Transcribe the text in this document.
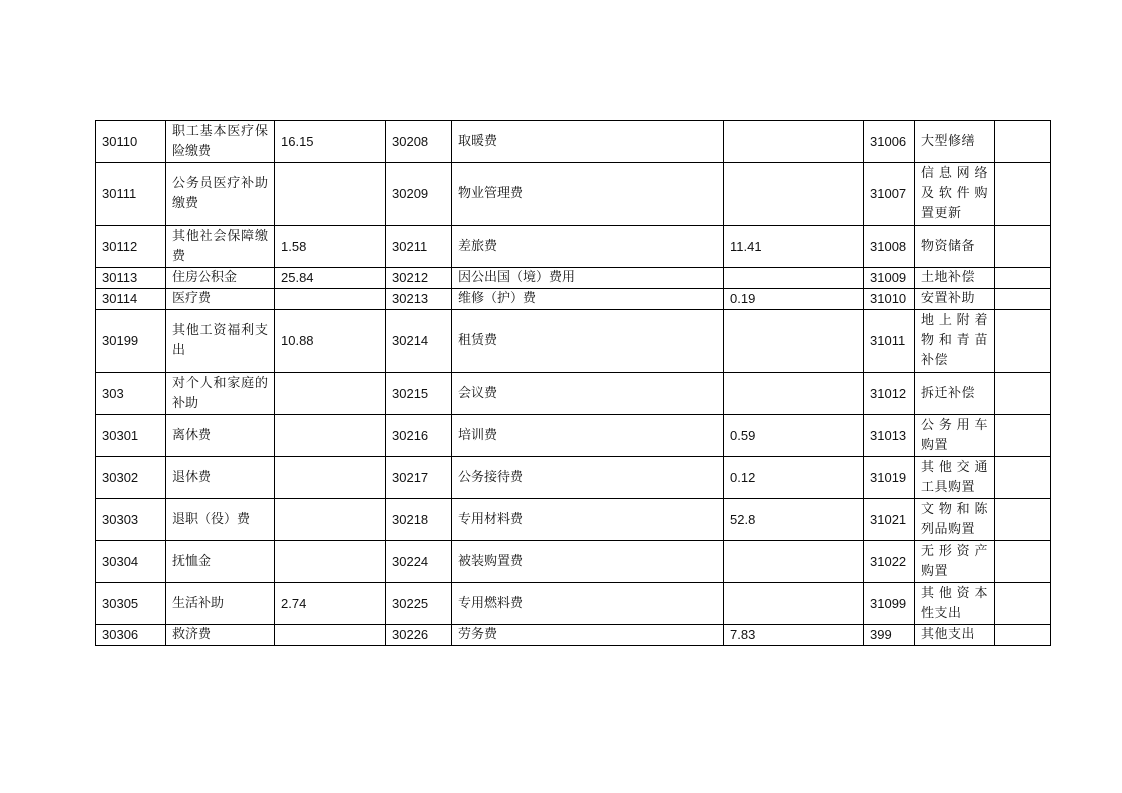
30110	职工基本医疗保险缴费	16.15	30208	取暖费		31006	大型修缮	
30111	公务员医疗补助缴费		30209	物业管理费		31007	信息网络及软件购置更新	
30112	其他社会保障缴费	1.58	30211	差旅费	11.41	31008	物资储备	
30113	住房公积金	25.84	30212	因公出国（境）费用		31009	土地补偿	
30114	医疗费		30213	维修（护）费	0.19	31010	安置补助	
30199	其他工资福利支出	10.88	30214	租赁费		31011	地上附着物和青苗补偿	
303	对个人和家庭的补助		30215	会议费		31012	拆迁补偿	
30301	离休费		30216	培训费	0.59	31013	公务用车购置	
30302	退休费		30217	公务接待费	0.12	31019	其他交通工具购置	
30303	退职（役）费		30218	专用材料费	52.8	31021	文物和陈列品购置	
30304	抚恤金		30224	被装购置费		31022	无形资产购置	
30305	生活补助	2.74	30225	专用燃料费		31099	其他资本性支出	
30306	救济费		30226	劳务费	7.83	399	其他支出	
